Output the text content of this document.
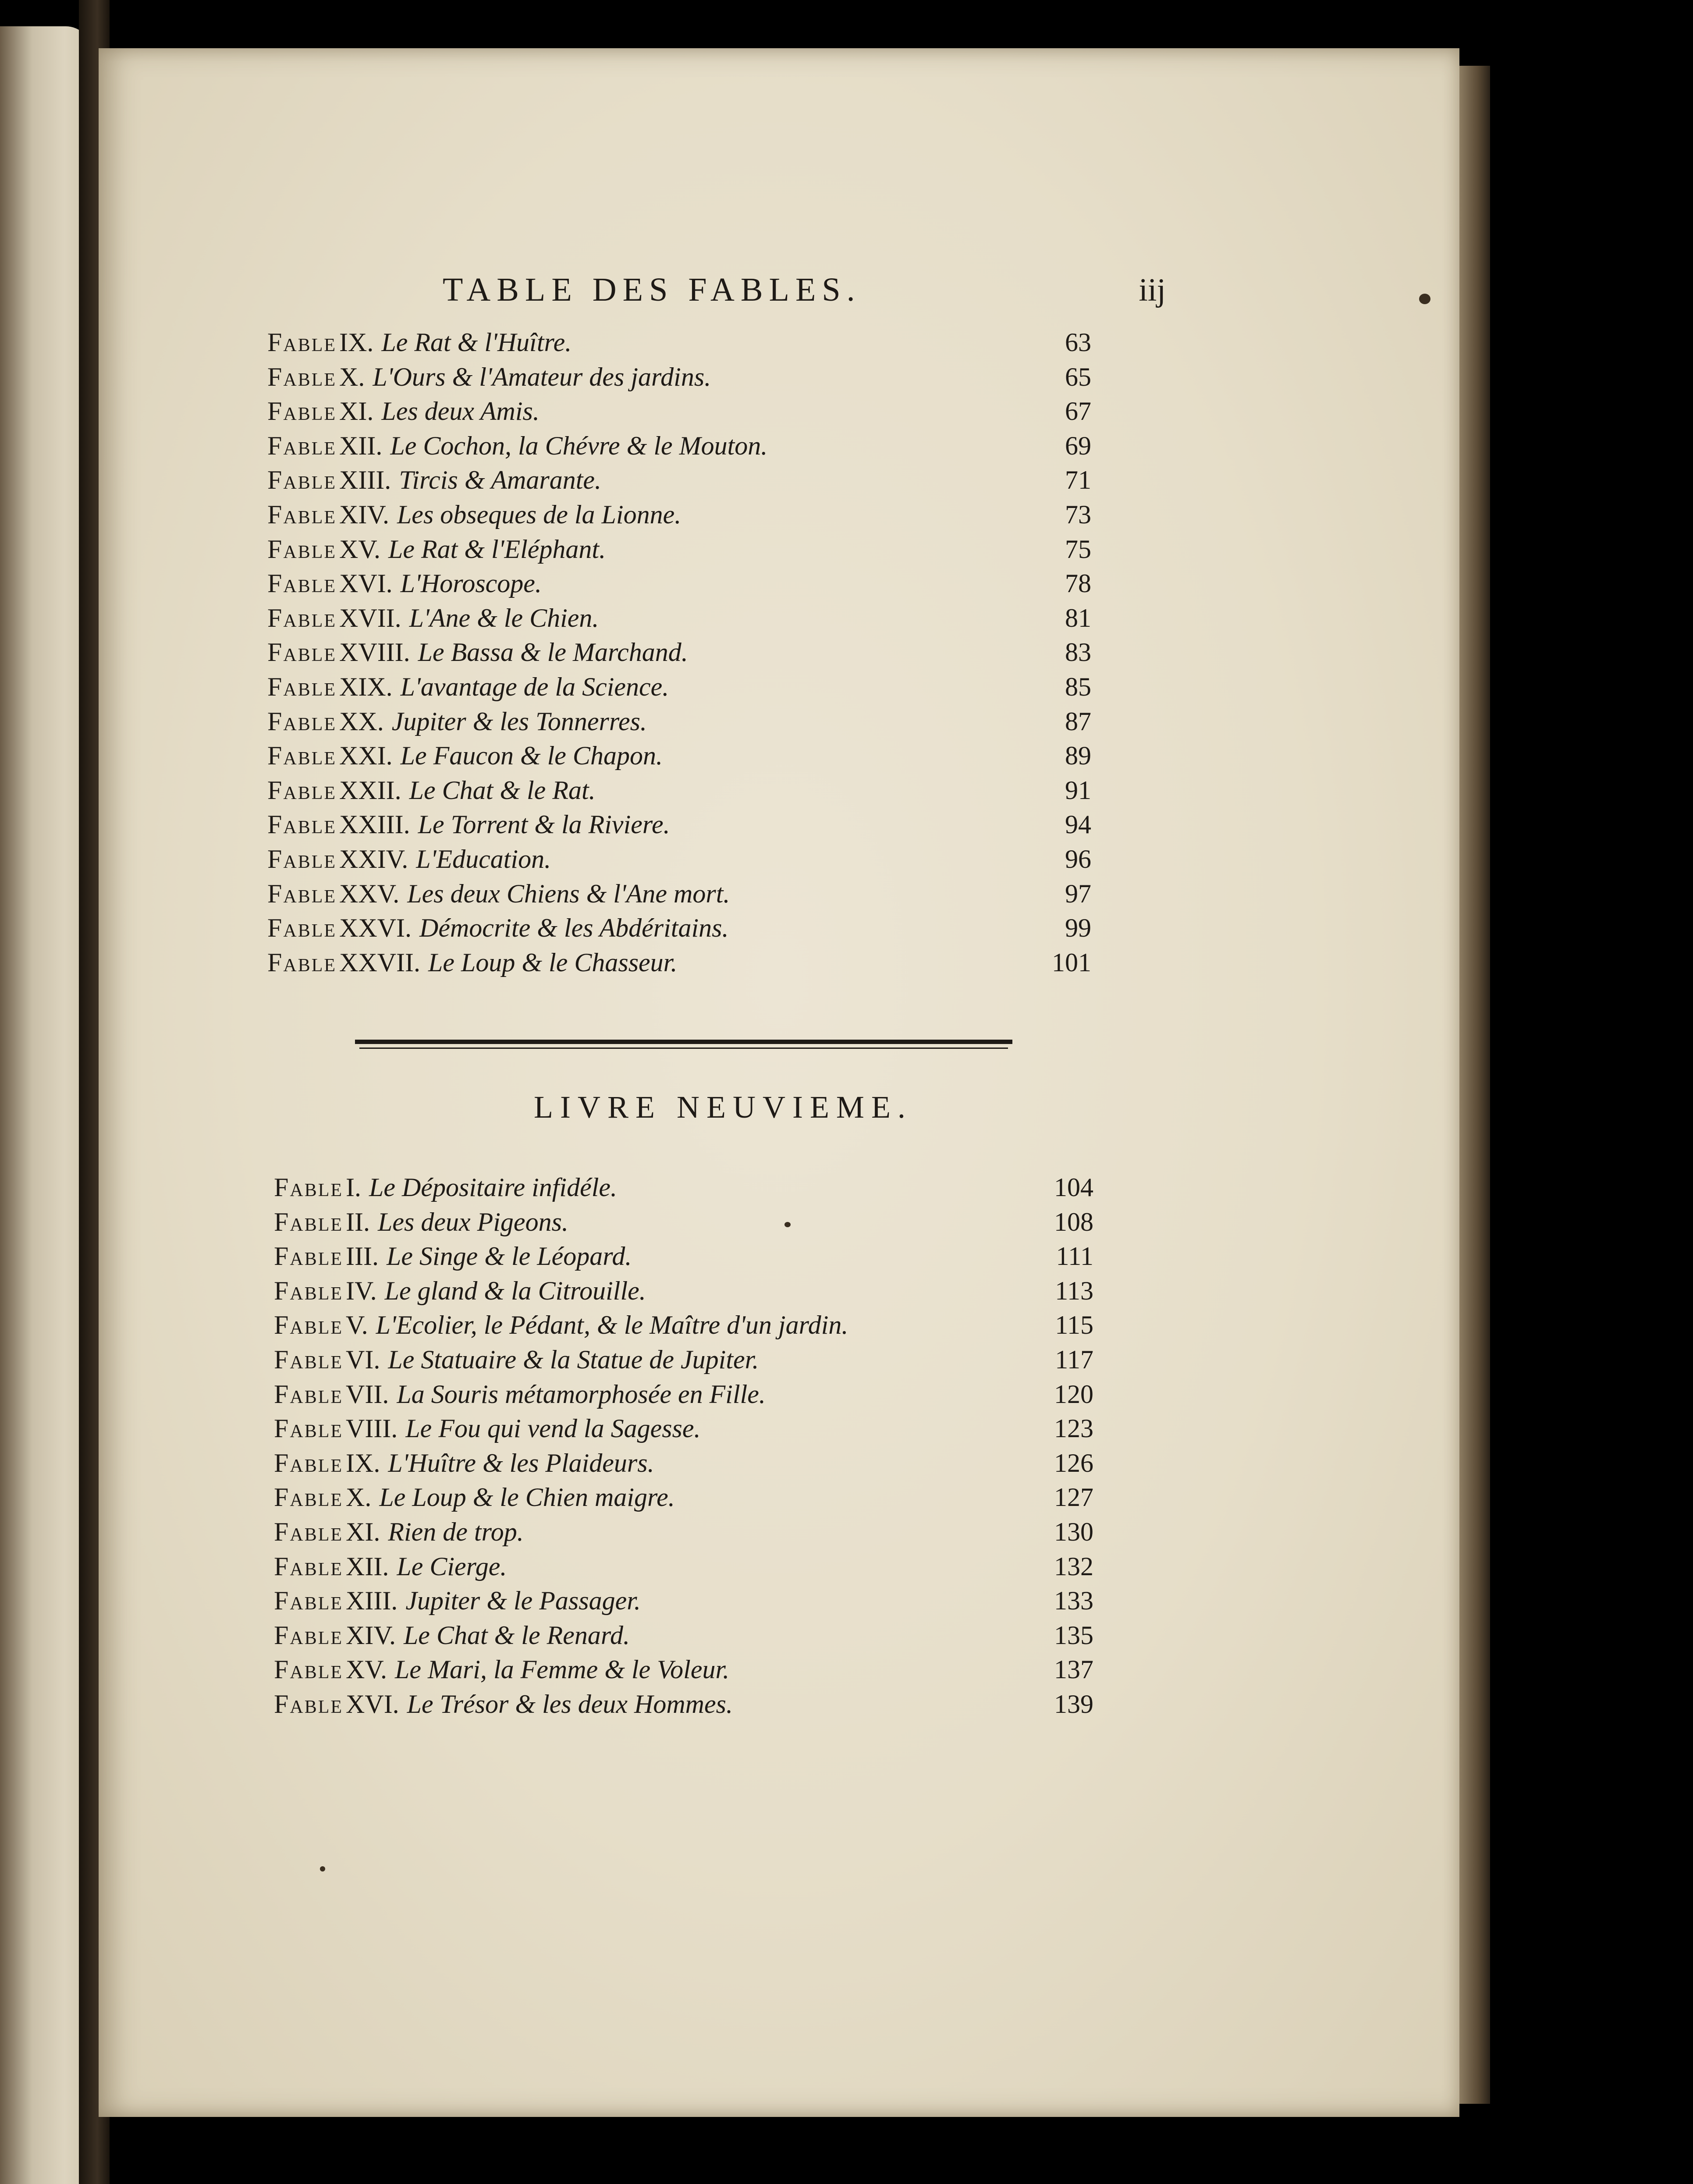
TABLE DES FABLES.	iij
Fable IX. Le Rat & l'Huître.	63
Fable X. L'Ours & l'Amateur des jardins.	65
Fable XI. Les deux Amis.	67
Fable XII. Le Cochon, la Chévre & le Mouton.	69
Fable XIII. Tircis & Amarante.	71
Fable XIV. Les obseques de la Lionne.	73
Fable XV. Le Rat & l'Eléphant.	75
Fable XVI. L'Horoscope.	78
Fable XVII. L'Ane & le Chien.	81
Fable XVIII. Le Bassa & le Marchand.	83
Fable XIX. L'avantage de la Science.	85
Fable XX. Jupiter & les Tonnerres.	87
Fable XXI. Le Faucon & le Chapon.	89
Fable XXII. Le Chat & le Rat.	91
Fable XXIII. Le Torrent & la Riviere.	94
Fable XXIV. L'Education.	96
Fable XXV. Les deux Chiens & l'Ane mort.	97
Fable XXVI. Démocrite & les Abdéritains.	99
Fable XXVII. Le Loup & le Chasseur.	101
LIVRE NEUVIEME.
Fable I. Le Dépositaire infidéle.	104
Fable II. Les deux Pigeons.	108
Fable III. Le Singe & le Léopard.	111
Fable IV. Le gland & la Citrouille.	113
Fable V. L'Ecolier, le Pédant, & le Maître d'un jardin.	115
Fable VI. Le Statuaire & la Statue de Jupiter.	117
Fable VII. La Souris métamorphosée en Fille.	120
Fable VIII. Le Fou qui vend la Sagesse.	123
Fable IX. L'Huître & les Plaideurs.	126
Fable X. Le Loup & le Chien maigre.	127
Fable XI. Rien de trop.	130
Fable XII. Le Cierge.	132
Fable XIII. Jupiter & le Passager.	133
Fable XIV. Le Chat & le Renard.	135
Fable XV. Le Mari, la Femme & le Voleur.	137
Fable XVI. Le Trésor & les deux Hommes.	139
